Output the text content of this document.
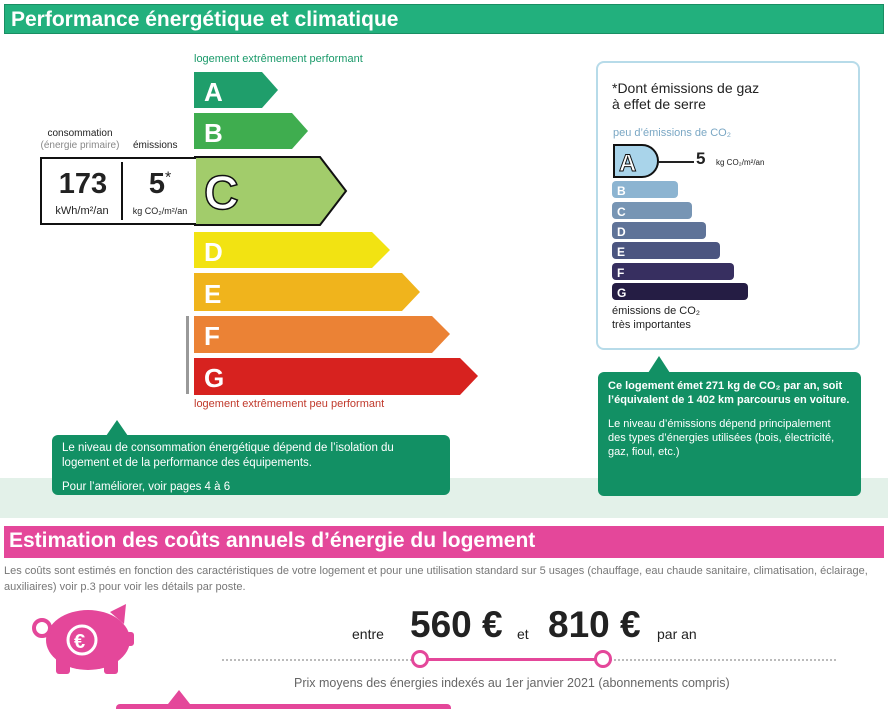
Performance énergétique et climatique
logement extrêmement performant
A
B
C
D
E
F
G
logement extrêmement peu performant
consommation
(énergie primaire) émissions
173
kWh/m²/an
5*
kg CO₂/m²/an

Le niveau de consommation énergétique dépend de l’isolation du logement et de la performance des équipements.

Pour l’améliorer, voir pages 4 à 6

*Dont émissions de gaz
à effet de serre
peu d’émissions de CO₂
A
B
C
D
E
F
G
5 kg CO₂/m²/an
émissions de CO₂
très importantes
Ce logement émet 271 kg de CO₂ par an, soit l’équivalent de 1 402 km parcourus en voiture.
Le niveau d’émissions dépend principalement des types d’énergies utilisées (bois, électricité, gaz, fioul, etc.)
Estimation des coûts annuels d’énergie du logement
Les coûts sont estimés en fonction des caractéristiques de votre logement et pour une utilisation standard sur 5 usages (chauffage, eau chaude sanitaire, climatisation, éclairage, auxiliaires) voir p.3 pour voir les détails par poste.
€	entre 560 € et 810 € par an
Prix moyens des énergies indexés au 1er janvier 2021 (abonnements compris)
